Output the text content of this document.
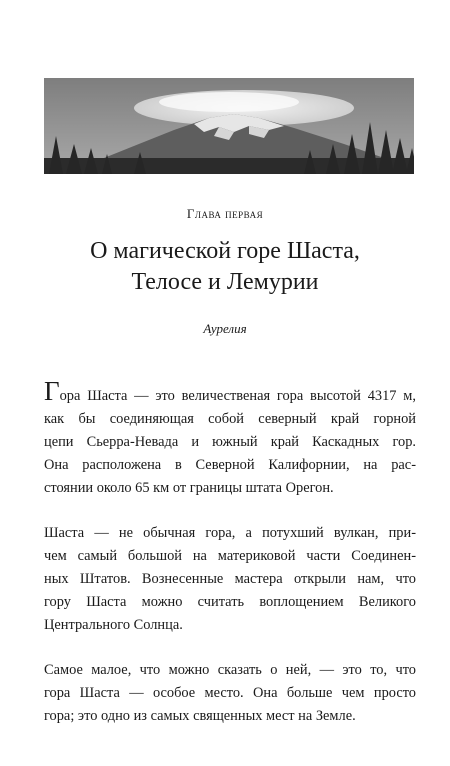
Глава первая
О магической горе Шаста,
Телосе и Лемурии
Аурелия
Гора Шаста — это величественая гора высотой 4317 м,
как бы соединяющая собой северный край горной
цепи Сьерра-Невада и южный край Каскадных гор.
Она расположена в Северной Калифорнии, на рас-
стоянии около 65 км от границы штата Орегон.
Шаста — не обычная гора, а потухший вулкан, при-
чем самый большой на материковой части Соединен-
ных Штатов. Вознесенные мастера открыли нам, что
гору Шаста можно считать воплощением Великого
Центрального Солнца.
Самое малое, что можно сказать о ней, — это то, что
гора Шаста — особое место. Она больше чем просто
гора; это одно из самых священных мест на Земле.
